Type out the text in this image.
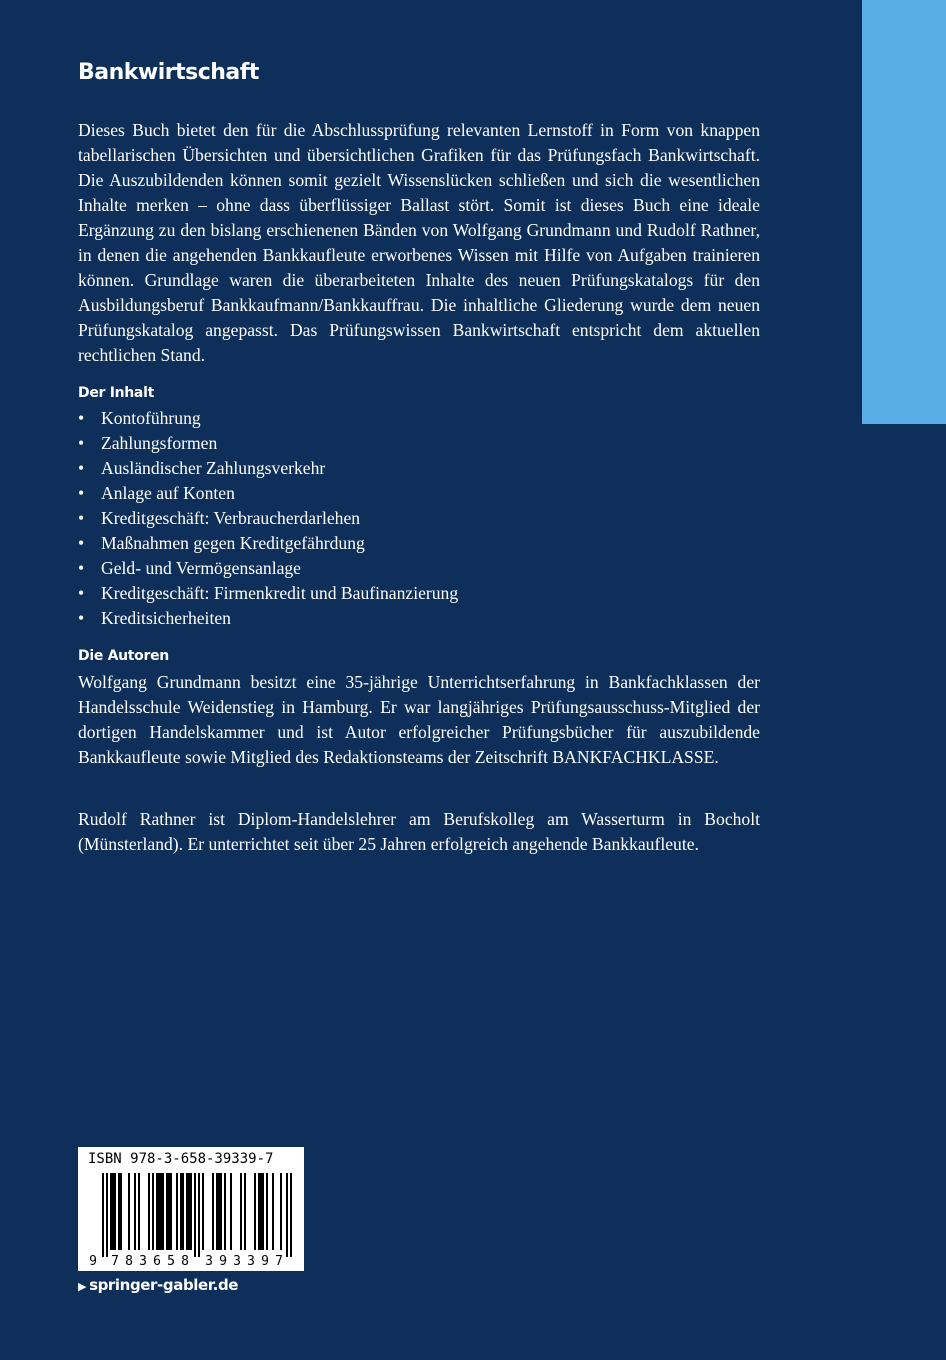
Bankwirtschaft

Dieses Buch bietet den für die Abschlussprüfung relevanten Lernstoff in Form von knappen tabellarischen Übersichten und übersichtlichen Grafiken für das Prüfungsfach Bankwirtschaft. Die Auszubildenden können somit gezielt Wissenslücken schließen und sich die wesentlichen Inhalte merken – ohne dass überflüssiger Ballast stört. Somit ist dieses Buch eine ideale Ergänzung zu den bislang erschienenen Bänden von Wolfgang Grundmann und Rudolf Rathner, in denen die angehenden Bankkaufleute erworbenes Wissen mit Hilfe von Aufgaben trainieren können. Grundlage waren die überarbeiteten Inhalte des neuen Prüfungskatalogs für den Ausbildungsberuf Bankkaufmann/Bankkauffrau. Die inhaltliche Gliederung wurde dem neuen Prüfungskatalog angepasst. Das Prüfungswissen Bankwirtschaft entspricht dem aktuellen rechtlichen Stand.

Der Inhalt
• Kontoführung
• Zahlungsformen
• Ausländischer Zahlungsverkehr
• Anlage auf Konten
• Kreditgeschäft: Verbraucherdarlehen
• Maßnahmen gegen Kreditgefährdung
• Geld- und Vermögensanlage
• Kreditgeschäft: Firmenkredit und Baufinanzierung
• Kreditsicherheiten
Die Autoren

Wolfgang Grundmann besitzt eine 35-jährige Unterrichtserfahrung in Bankfachklassen der Handelsschule Weidenstieg in Hamburg. Er war langjähriges Prüfungsausschuss-Mitglied der dortigen Handelskammer und ist Autor erfolgreicher Prüfungsbücher für auszubildende Bankkaufleute sowie Mitglied des Redaktionsteams der Zeitschrift BANKFACHKLASSE.

Rudolf Rathner ist Diplom-Handelslehrer am Berufskolleg am Wasserturm in Bocholt (Münsterland). Er unterrichtet seit über 25 Jahren erfolgreich angehende Bankkaufleute.

ISBN 978-3-658-39339-7
9 7 8 3 6 5 8 3 9 3 3 9 7
▶ springer-gabler.de
